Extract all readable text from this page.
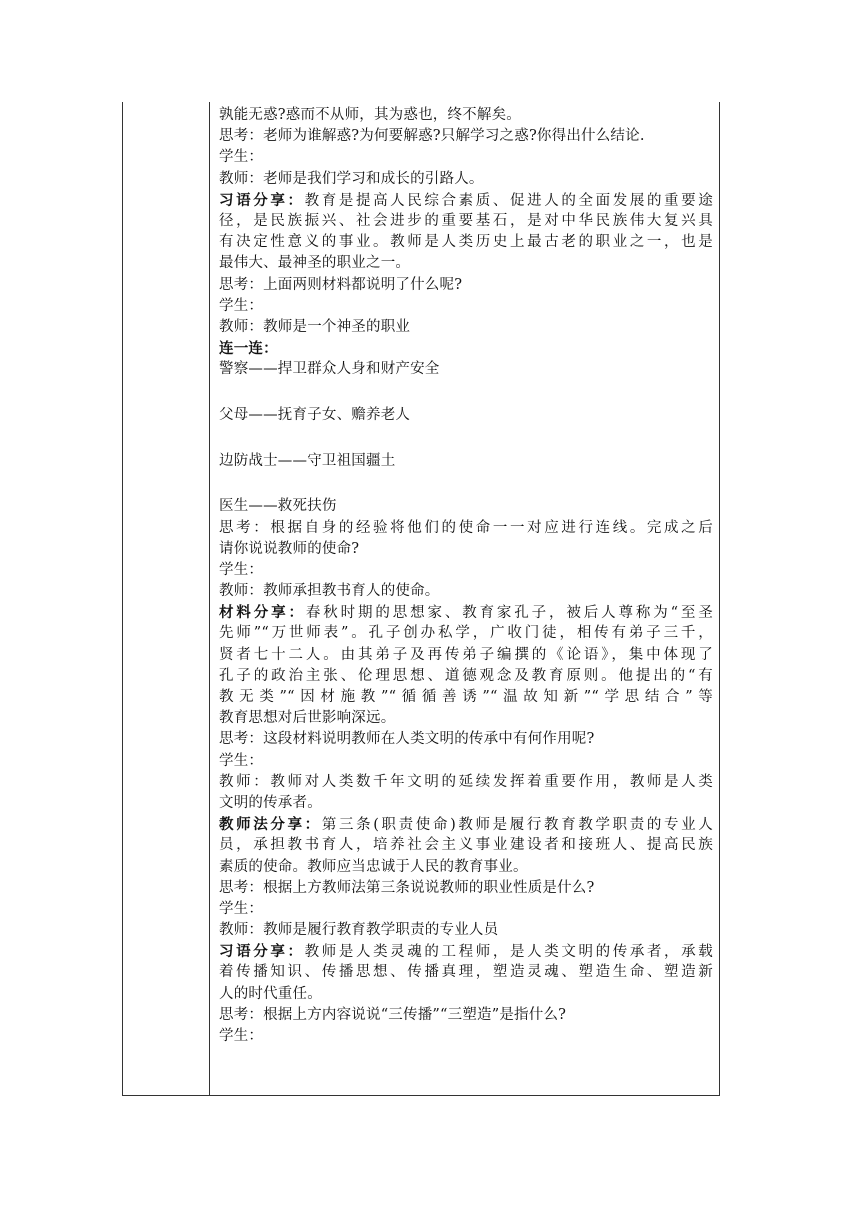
孰能无惑?惑而不从师，其为惑也，终不解矣。
思考：老师为谁解惑?为何要解惑?只解学习之惑?你得出什么结论.
学生：
教师：老师是我们学习和成长的引路人。
习语分享：教育是提高人民综合素质、促进人的全面发展的重要途
径，是民族振兴、社会进步的重要基石，是对中华民族伟大复兴具
有决定性意义的事业。教师是人类历史上最古老的职业之一，也是
最伟大、最神圣的职业之一。
思考：上面两则材料都说明了什么呢?
学生：
教师：教师是一个神圣的职业
连一连：
警察——捍卫群众人身和财产安全
父母——抚育子女、赡养老人
边防战士——守卫祖国疆土
医生——救死扶伤
思考：根据自身的经验将他们的使命一一对应进行连线。完成之后
请你说说教师的使命?
学生：
教师：教师承担教书育人的使命。
材料分享：春秋时期的思想家、教育家孔子，被后人尊称为“至圣
先师”“万世师表”。孔子创办私学，广收门徒，相传有弟子三千，
贤者七十二人。由其弟子及再传弟子编撰的《论语》，集中体现了
孔子的政治主张、伦理思想、道德观念及教育原则。他提出的“有
教无类”“因材施教”“循循善诱”“温故知新”“学思结合”等
教育思想对后世影响深远。
思考：这段材料说明教师在人类文明的传承中有何作用呢?
学生：
教师：教师对人类数千年文明的延续发挥着重要作用，教师是人类
文明的传承者。
教师法分享：第三条(职责使命)教师是履行教育教学职责的专业人
员，承担教书育人，培养社会主义事业建设者和接班人、提高民族
素质的使命。教师应当忠诚于人民的教育事业。
思考：根据上方教师法第三条说说教师的职业性质是什么?
学生：
教师：教师是履行教育教学职责的专业人员
习语分享：教师是人类灵魂的工程师，是人类文明的传承者，承载
着传播知识、传播思想、传播真理，塑造灵魂、塑造生命、塑造新
人的时代重任。
思考：根据上方内容说说“三传播”“三塑造”是指什么?
学生：
